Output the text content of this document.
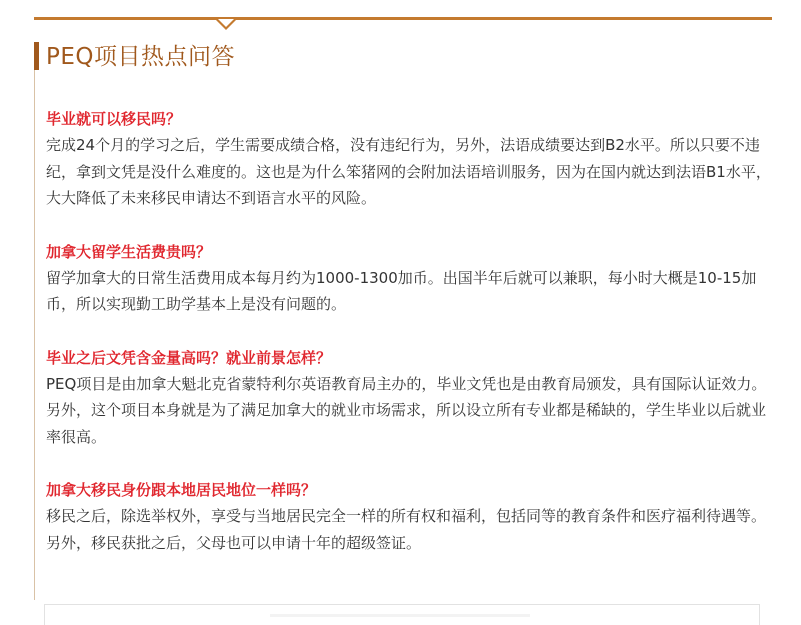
PEQ项目热点问答
毕业就可以移民吗？

完成24个月的学习之后，学生需要成绩合格，没有违纪行为，另外，法语成绩要达到B2水平。所以只要不违纪，拿到文凭是没什么难度的。这也是为什么笨猪网的会附加法语培训服务，因为在国内就达到法语B1水平，大大降低了未来移民申请达不到语言水平的风险。

加拿大留学生活费贵吗？

留学加拿大的日常生活费用成本每月约为1000-1300加币。出国半年后就可以兼职，每小时大概是10-15加币，所以实现勤工助学基本上是没有问题的。

毕业之后文凭含金量高吗？就业前景怎样？

PEQ项目是由加拿大魁北克省蒙特利尔英语教育局主办的，毕业文凭也是由教育局颁发，具有国际认证效力。

另外，这个项目本身就是为了满足加拿大的就业市场需求，所以设立所有专业都是稀缺的，学生毕业以后就业率很高。

加拿大移民身份跟本地居民地位一样吗？

移民之后，除选举权外，享受与当地居民完全一样的所有权和福利，包括同等的教育条件和医疗福利待遇等。另外，移民获批之后，父母也可以申请十年的超级签证。
